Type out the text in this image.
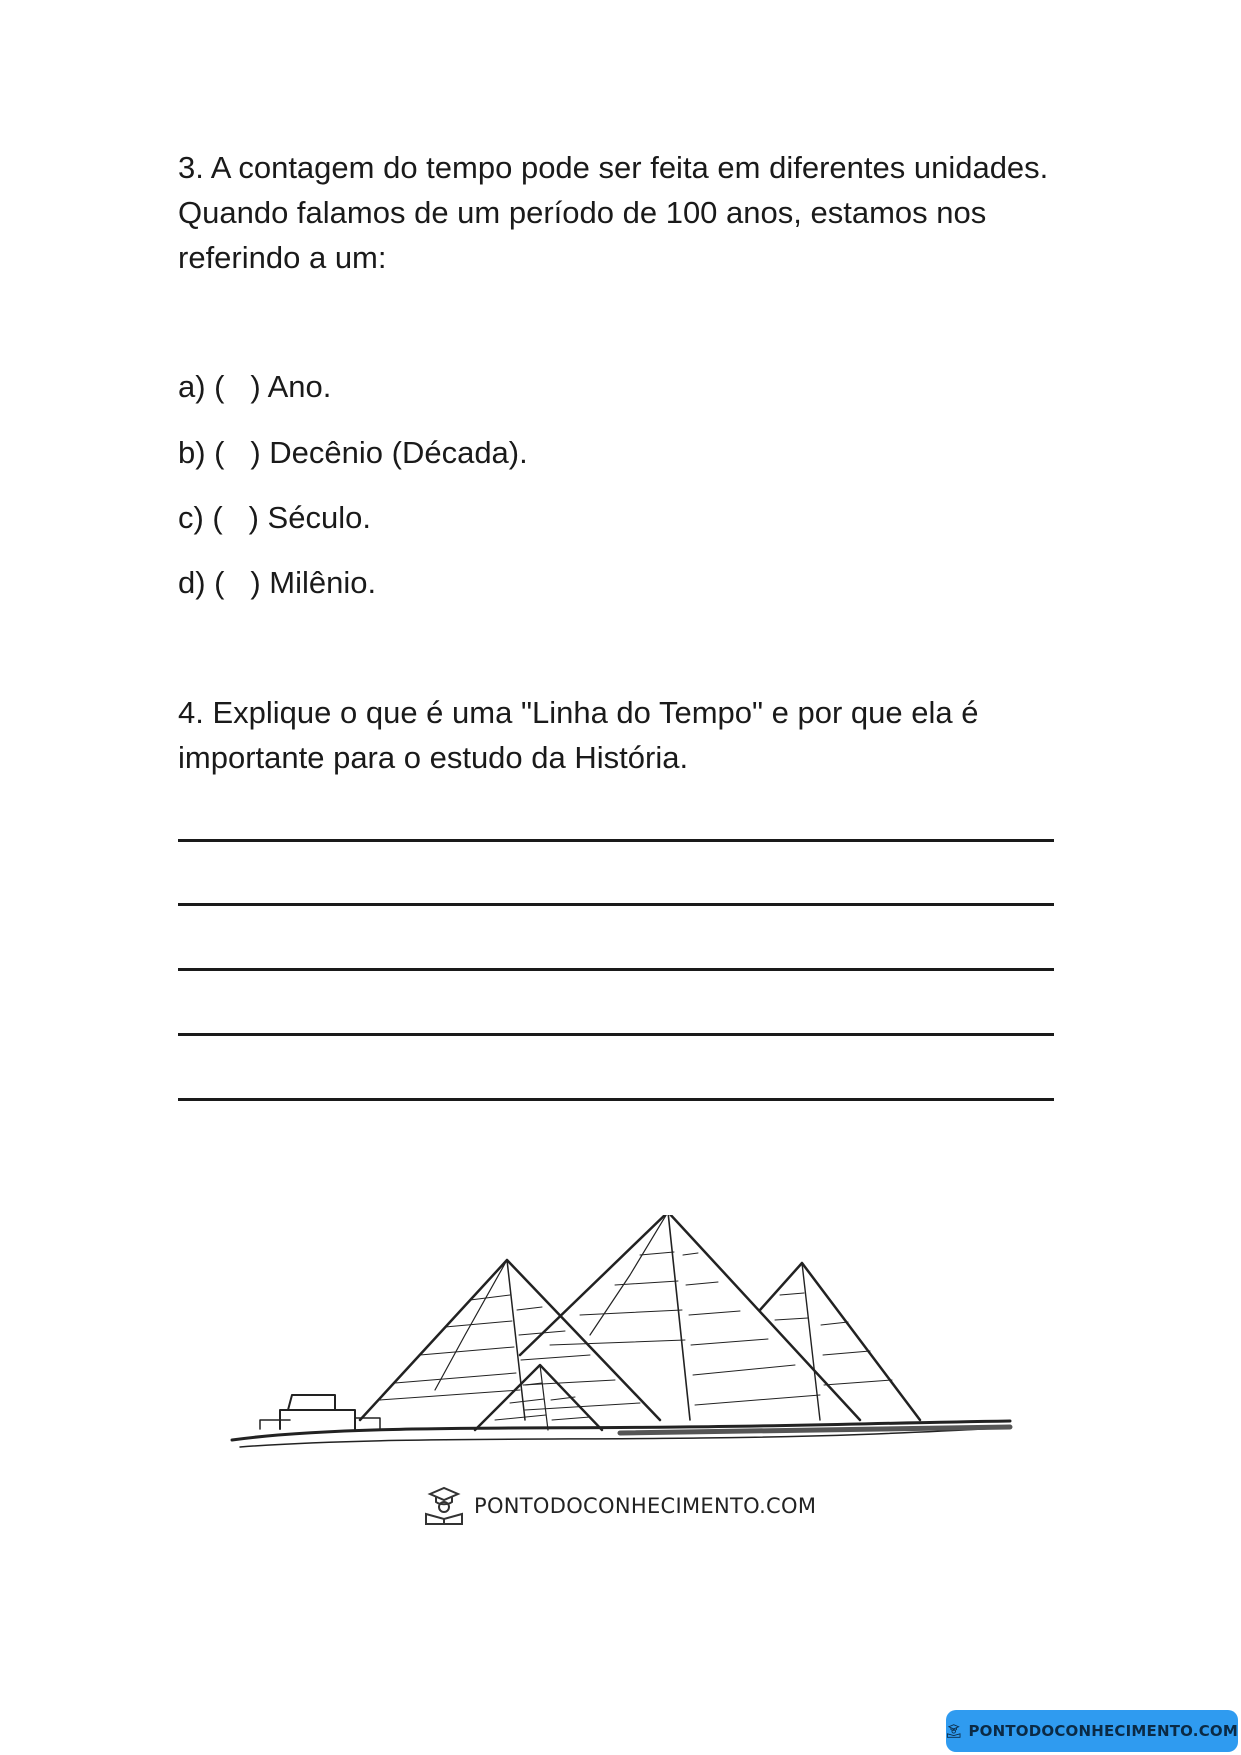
3. A contagem do tempo pode ser feita em diferentes unidades. Quando falamos de um período de 100 anos, estamos nos referindo a um:

a) (   ) Ano.

b) (   ) Decênio (Década).

c) (   ) Século.

d) (   ) Milênio.

4. Explique o que é uma "Linha do Tempo" e por que ela é importante para o estudo da História.

PONTODOCONHECIMENTO.COM
PONTODOCONHECIMENTO.COM
